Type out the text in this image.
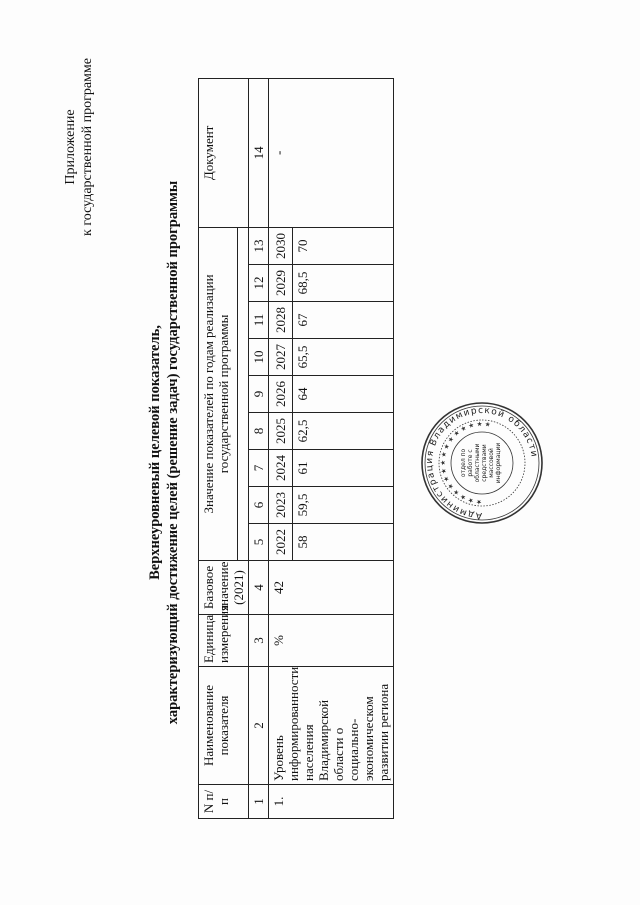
Приложение к государственной программе
Верхнеуровневый целевой показатель, характеризующий достижение целей (решение задач) государственной программы
N п/п	Наименование показателя	Единица измерения	Базовое значение (2021)	Значение показателей по годам реализации государственной программы									Документ

1	2	3	4	5	6	7	8	9	10	11	12	13	14
1.	Уровень информированности населения Владимирской области о социально-экономическом развитии региона	%	42	2022	2023	2024	2025	2026	2027	2028	2029	2030	-
				58	59,5	61	62,5	64	65,5	67	68,5	70	
Администрация Владимирской области
★ ★ ★ ★ ★ ★ ★ ★ ★ ★ ★ ★ ★ ★ ★ ★
отдел по работе с областными средствами массовой информации
